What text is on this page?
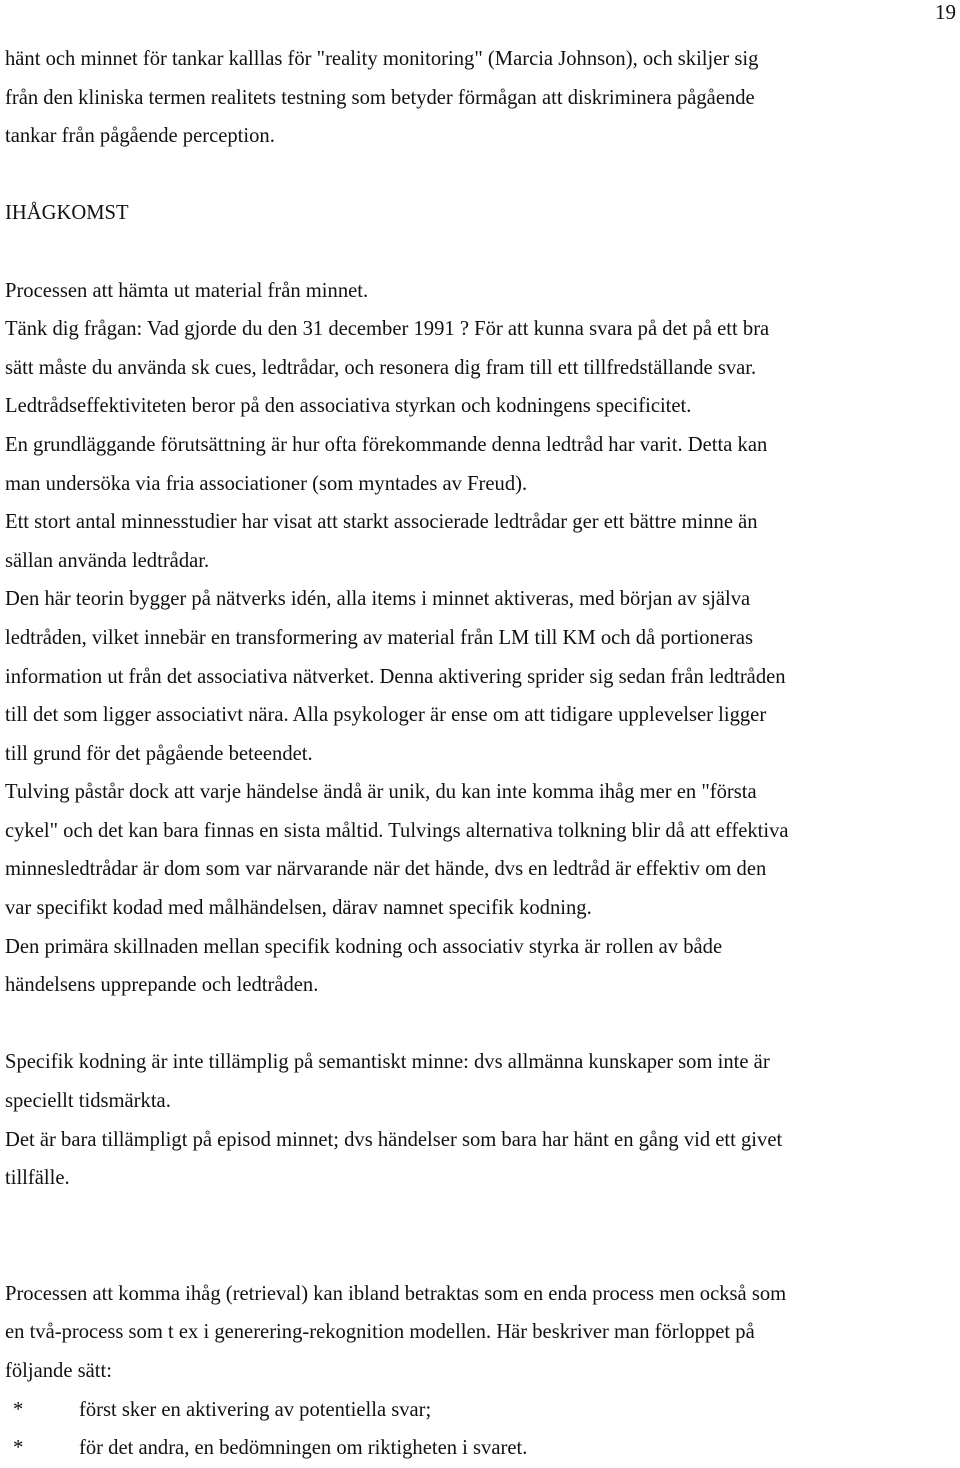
19
hänt och minnet för tankar kalllas för "reality monitoring" (Marcia Johnson), och skiljer sig
från den kliniska termen realitets testning som betyder förmågan att diskriminera pågående
tankar från pågående perception.
IHÅGKOMST
Processen att hämta ut material från minnet.
Tänk dig frågan: Vad gjorde du den 31 december 1991 ? För att kunna svara på det på ett bra
sätt måste du använda sk cues, ledtrådar, och resonera dig fram till ett tillfredställande svar.
Ledtrådseffektiviteten beror på den associativa styrkan och kodningens specificitet.
En grundläggande förutsättning är hur ofta förekommande denna ledtråd har varit. Detta kan
man undersöka via fria associationer (som myntades av Freud).
Ett stort antal minnesstudier har visat att starkt associerade ledtrådar ger ett bättre minne än
sällan använda ledtrådar.
Den här teorin bygger på nätverks idén, alla items i minnet aktiveras, med början av själva
ledtråden, vilket innebär en transformering av material från LM till KM och då portioneras
information ut från det associativa nätverket. Denna aktivering sprider sig sedan från ledtråden
till det som ligger associativt nära. Alla psykologer är ense om att tidigare upplevelser ligger
till grund för det pågående beteendet.
Tulving påstår dock att varje händelse ändå är unik, du kan inte komma ihåg mer en "första
cykel" och det kan bara finnas en sista måltid. Tulvings alternativa tolkning blir då att effektiva
minnesledtrådar är dom som var närvarande när det hände, dvs en ledtråd är effektiv om den
var specifikt kodad med målhändelsen, därav namnet specifik kodning.
Den primära skillnaden mellan specifik kodning och associativ styrka är rollen av både
händelsens upprepande och ledtråden.
Specifik kodning är inte tillämplig på semantiskt minne: dvs allmänna kunskaper som inte är
speciellt tidsmärkta.
Det är bara tillämpligt på episod minnet; dvs händelser som bara har hänt en gång vid ett givet
tillfälle.
Processen att komma ihåg (retrieval) kan ibland betraktas som en enda process men också som
en två-process som t ex i generering-rekognition modellen. Här beskriver man förloppet på
följande sätt:
*	först sker en aktivering av potentiella svar;
*	för det andra, en bedömningen om riktigheten i svaret.
